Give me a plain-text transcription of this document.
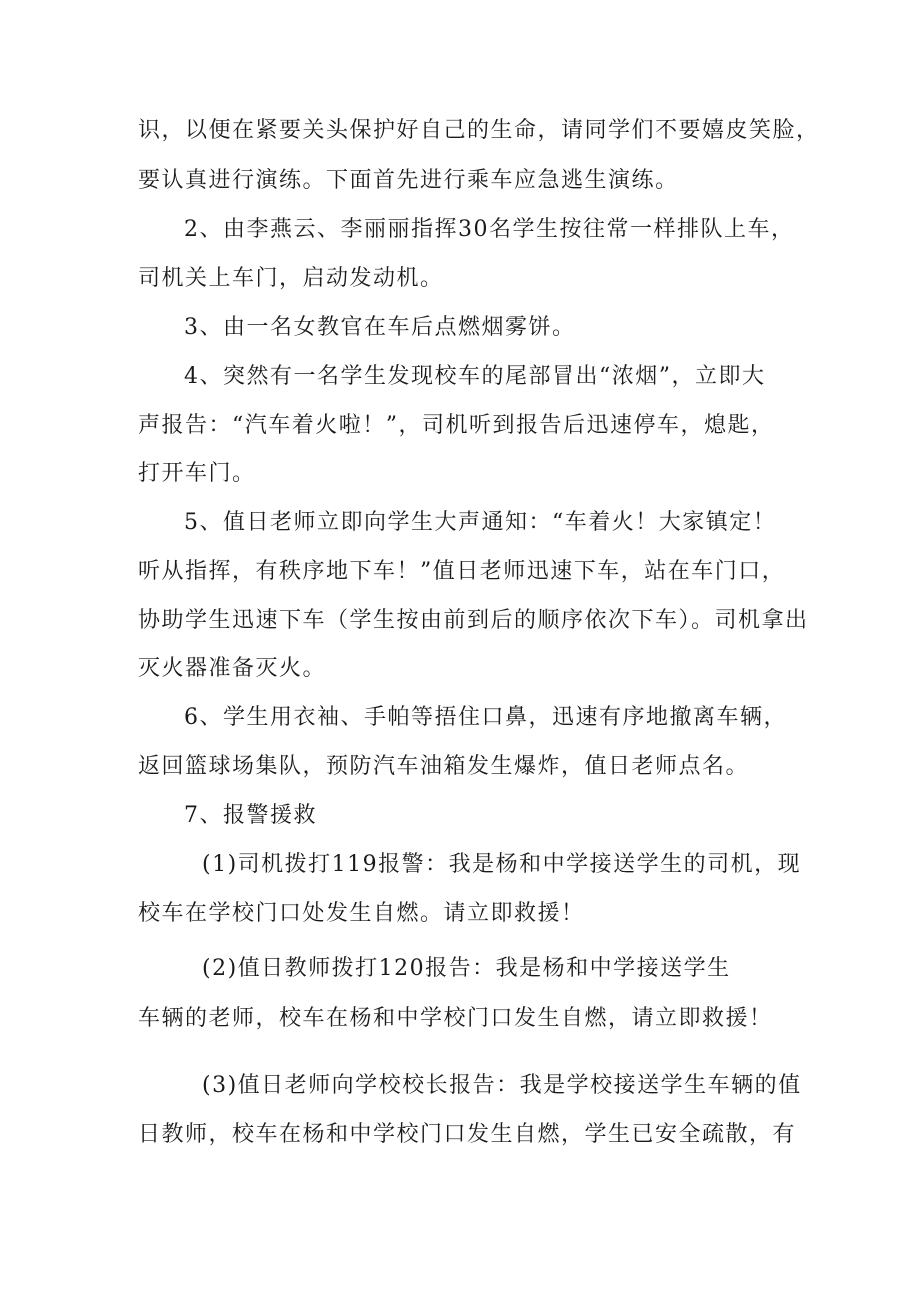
识，以便在紧要关头保护好自己的生命，请同学们不要嬉皮笑脸，
要认真进行演练。下面首先进行乘车应急逃生演练。
2、由李燕云、李丽丽指挥30名学生按往常一样排队上车，
司机关上车门，启动发动机。
3、由一名女教官在车后点燃烟雾饼。
4、突然有一名学生发现校车的尾部冒出“浓烟”，立即大
声报告：“汽车着火啦！”，司机听到报告后迅速停车，熄匙，
打开车门。
5、值日老师立即向学生大声通知：“车着火！大家镇定！
听从指挥，有秩序地下车！”值日老师迅速下车，站在车门口，
协助学生迅速下车（学生按由前到后的顺序依次下车）。司机拿出
灭火器准备灭火。
6、学生用衣袖、手帕等捂住口鼻，迅速有序地撤离车辆，
返回篮球场集队，预防汽车油箱发生爆炸，值日老师点名。
7、报警援救
(1)司机拨打119报警：我是杨和中学接送学生的司机，现
校车在学校门口处发生自燃。请立即救援！
(2)值日教师拨打120报告：我是杨和中学接送学生
车辆的老师，校车在杨和中学校门口发生自燃，请立即救援！
(3)值日老师向学校校长报告：我是学校接送学生车辆的值
日教师，校车在杨和中学校门口发生自燃，学生已安全疏散，有
